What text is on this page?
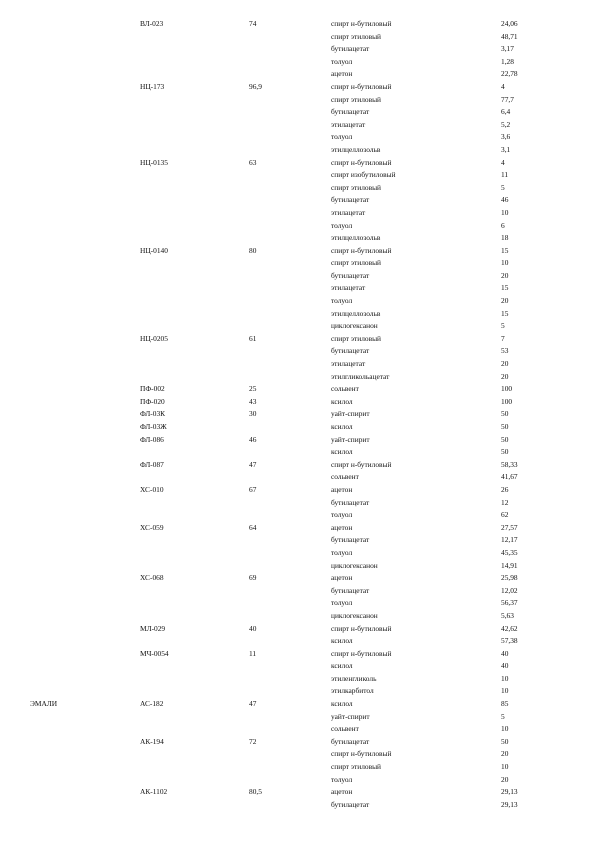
ВЛ-023	74	спирт н-бутиловый	24,06
спирт этиловый	48,71
бутилацетат	3,17
толуол	1,28
ацетон	22,78
НЦ-173	96,9	спирт н-бутиловый	4
спирт этиловый	77,7
бутилацетат	6,4
этилацетат	5,2
толуол	3,6
этилцеллозольв	3,1
НЦ-0135	63	спирт н-бутиловый	4
спирт изобутиловый	11
спирт этиловый	5
бутилацетат	46
этилацетат	10
толуол	6
этилцеллозольв	18
НЦ-0140	80	спирт н-бутиловый	15
спирт этиловый	10
бутилацетат	20
этилацетат	15
толуол	20
этилцеллозольв	15
циклогексанон	5
НЦ-0205	61	спирт этиловый	7
бутилацетат	53
этилацетат	20
этилгликольацетат	20
ПФ-002	25	сольвент	100
ПФ-020	43	ксилол	100
ФЛ-03К	30	уайт-спирит	50
ФЛ-03Ж	ксилол	50
ФЛ-086	46	уайт-спирит	50
ксилол	50
ФЛ-087	47	спирт н-бутиловый	58,33
сольвент	41,67
ХС-010	67	ацетон	26
бутилацетат	12
толуол	62
ХС-059	64	ацетон	27,57
бутилацетат	12,17
толуол	45,35
циклогексанон	14,91
ХС-068	69	ацетон	25,98
бутилацетат	12,02
толуол	56,37
циклогексанон	5,63
МЛ-029	40	спирт н-бутиловый	42,62
ксилол	57,38
МЧ-0054	11	спирт н-бутиловый	40
ксилол	40
этиленгликоль	10
этилкарбитол	10
ЭМАЛИ	АС-182	47	ксилол	85
уайт-спирит	5
сольвент	10
АК-194	72	бутилацетат	50
спирт н-бутиловый	20
спирт этиловый	10
толуол	20
АК-1102	80,5	ацетон	29,13
бутилацетат	29,13
